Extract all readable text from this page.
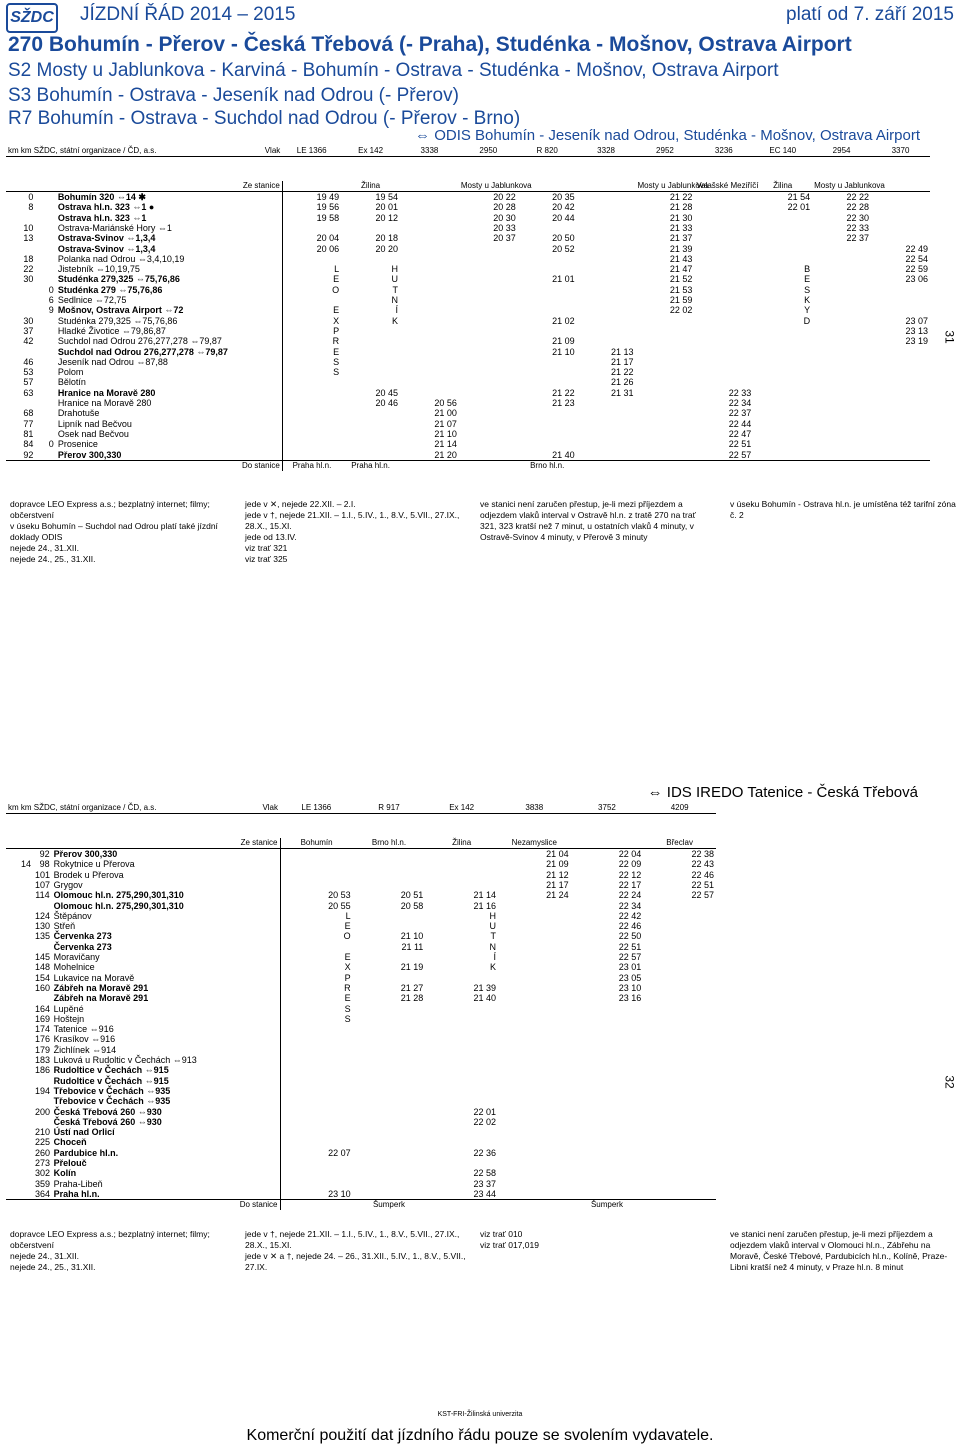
SŽDC JÍZDNÍ ŘÁD 2014 – 2015	platí od 7. září 2015
270 Bohumín - Přerov - Česká Třebová (- Praha), Studénka - Mošnov, Ostrava Airport
S2 Mosty u Jablunkova - Karviná - Bohumín - Ostrava - Studénka - Mošnov, Ostrava Airport
S3 Bohumín - Ostrava - Jeseník nad Odrou (- Přerov)
R7 Bohumín - Ostrava - Suchdol nad Odrou (- Přerov - Brno)
⇔ ODIS Bohumín - Jeseník nad Odrou, Studénka - Mošnov, Ostrava Airport
km km SŽDC, státní organizace / ČD, a.s.			Vlak	LE 1366	Ex 142	3338	2950	R 820	3328	2952	3236	EC 140	2954	3370

Ze stanice					Žilina		Mosty u Jablunkova			Mosty u Jablunkova	Valašské Meziříčí	Žilina	Mosty u Jablunkova	
0		Bohumín 320 ⇔14 ✱		19 49	19 54		20 22	20 35		21 22		21 54	22 22	
8		Ostrava hl.n. 323 ⇔1 ●		19 56	20 01		20 28	20 42		21 28		22 01	22 28	
		Ostrava hl.n. 323 ⇔1		19 58	20 12		20 30	20 44		21 30			22 30	
10		Ostrava-Mariánské Hory ⇔1					20 33			21 33			22 33	
13		Ostrava-Svinov ⇔1,3,4		20 04	20 18		20 37	20 50		21 37			22 37	
		Ostrava-Svinov ⇔1,3,4		20 06	20 20			20 52		21 39				22 49
18		Polanka nad Odrou ⇔3,4,10,19								21 43				22 54
22		Jistebník ⇔10,19,75		L	H					21 47		B		22 59
30		Studénka 279,325 ⇔75,76,86		E	U			21 01		21 52		E		23 06
	0	Studénka 279 ⇔75,76,86		O	T					21 53		S		
	6	Sedlnice ⇔72,75			N					21 59		K		
	9	Mošnov, Ostrava Airport ⇔72		E	Í					22 02		Y		
30		Studénka 279,325 ⇔75,76,86		X	K			21 02				D		23 07
37		Hladké Životice ⇔79,86,87		P										23 13
42		Suchdol nad Odrou 276,277,278 ⇔79,87		R				21 09						23 19
		Suchdol nad Odrou 276,277,278 ⇔79,87		E				21 10	21 13					
46		Jeseník nad Odrou ⇔87,88		S					21 17					
53		Polom		S					21 22					
57		Bělotín							21 26					
63		Hranice na Moravě 280			20 45			21 22	21 31		22 33			
		Hranice na Moravě 280			20 46	20 56		21 23			22 34			
68		Drahotuše				21 00					22 37			
77		Lipník nad Bečvou				21 07					22 44			
81		Osek nad Bečvou				21 10					22 47			
84	0	Prosenice				21 14					22 51			
92		Přerov 300,330				21 20		21 40			22 57			
Do stanice				Praha hl.n.	Praha hl.n.			Brno hl.n.						
dopravce LEO Express a.s.; bezplatný internet; filmy; občerstvení
v úseku Bohumín – Suchdol nad Odrou platí také jízdní doklady ODIS
nejede 24., 31.XII.
nejede 24., 25., 31.XII.
jede v ✕, nejede 22.XII. – 2.I.
jede v †, nejede 21.XII. – 1.I., 5.IV., 1., 8.V., 5.VII., 27.IX., 28.X., 15.XI.
jede od 13.IV.
viz trať 321
viz trať 325
ve stanici není zaručen přestup, je-li mezi příjezdem a odjezdem vlaků interval v Ostravě hl.n. z tratě 270 na trať 321, 323 kratší než 7 minut, u ostatních vlaků 4 minuty, v Ostravě-Svinov 4 minuty, v Přerově 3 minuty
v úseku Bohumín - Ostrava hl.n. je umístěna též tarifní zóna č. 2
31
⇔ IDS IREDO Tatenice - Česká Třebová
km km SŽDC, státní organizace / ČD, a.s.			Vlak	LE 1366	R 917	Ex 142	3838	3752	4209

Ze stanice				Bohumín	Brno hl.n.	Žilina	Nezamyslice		Břeclav
	92	Přerov 300,330					21 04	22 04	22 38
14	98	Rokytnice u Přerova					21 09	22 09	22 43
	101	Brodek u Přerova					21 12	22 12	22 46
	107	Grygov					21 17	22 17	22 51
	114	Olomouc hl.n. 275,290,301,310		20 53	20 51	21 14	21 24	22 24	22 57
		Olomouc hl.n. 275,290,301,310		20 55	20 58	21 16		22 34	
	124	Štěpánov		L		H		22 42	
	130	Střeň		E		U		22 46	
	135	Červenka 273		O	21 10	T		22 50	
		Červenka 273			21 11	N		22 51	
	145	Moravičany		E		Í		22 57	
	148	Mohelnice		X	21 19	K		23 01	
	154	Lukavice na Moravě		P				23 05	
	160	Zábřeh na Moravě 291		R	21 27	21 39		23 10	
		Zábřeh na Moravě 291		E	21 28	21 40		23 16	
	164	Lupěné		S					
	169	Hoštejn		S					
	174	Tatenice ⇔916							
	176	Krasíkov ⇔916							
	179	Žichlínek ⇔914							
	183	Luková u Rudoltic v Čechách ⇔913							
	186	Rudoltice v Čechách ⇔915							
		Rudoltice v Čechách ⇔915							
	194	Třebovice v Čechách ⇔935							
		Třebovice v Čechách ⇔935							
	200	Česká Třebová 260 ⇔930				22 01			
		Česká Třebová 260 ⇔930				22 02			
	210	Ústí nad Orlicí							
	225	Choceň							
	260	Pardubice hl.n.		22 07		22 36			
	273	Přelouč							
	302	Kolín				22 58			
	359	Praha-Libeň				23 37			
	364	Praha hl.n.		23 10		23 44			
Do stanice					Šumperk			Šumperk	
dopravce LEO Express a.s.; bezplatný internet; filmy; občerstvení
nejede 24., 31.XII.
nejede 24., 25., 31.XII.
jede v †, nejede 21.XII. – 1.I., 5.IV., 1., 8.V., 5.VII., 27.IX., 28.X., 15.XI.
jede v ✕ a †, nejede 24. – 26., 31.XII., 5.IV., 1., 8.V., 5.VII., 27.IX.
viz trať 010
viz trať 017,019
ve stanici není zaručen přestup, je-li mezi příjezdem a odjezdem vlaků interval v Olomouci hl.n., Zábřehu na Moravě, České Třebové, Pardubicích hl.n., Kolíně, Praze-Libni kratší než 4 minuty, v Praze hl.n. 8 minut
32
KST-FRI-Žilinská univerzita
Komerční použití dat jízdního řádu pouze se svolením vydavatele.
